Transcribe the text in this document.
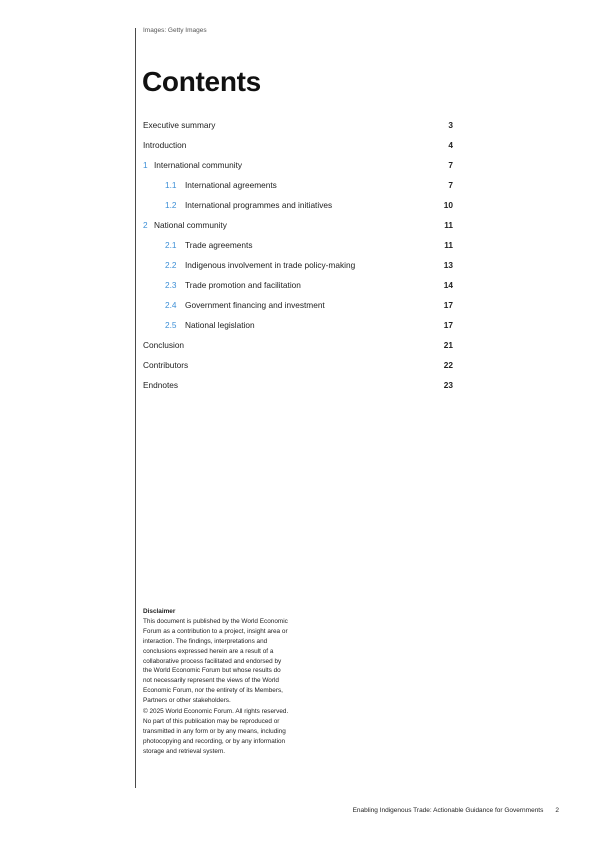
Images: Getty Images
Contents
Executive summary	3
Introduction	4
1 International community	7
1.1 International agreements	7
1.2 International programmes and initiatives	10
2 National community	11
2.1 Trade agreements	11
2.2 Indigenous involvement in trade policy-making	13
2.3 Trade promotion and facilitation	14
2.4 Government financing and investment	17
2.5 National legislation	17
Conclusion	21
Contributors	22
Endnotes	23

Disclaimer

This document is published by the World Economic Forum as a contribution to a project, insight area or interaction. The findings, interpretations and conclusions expressed herein are a result of a collaborative process facilitated and endorsed by the World Economic Forum but whose results do not necessarily represent the views of the World Economic Forum, nor the entirety of its Members, Partners or other stakeholders.

© 2025 World Economic Forum. All rights reserved. No part of this publication may be reproduced or transmitted in any form or by any means, including photocopying and recording, or by any information storage and retrieval system.

Enabling Indigenous Trade: Actionable Guidance for Governments 2
